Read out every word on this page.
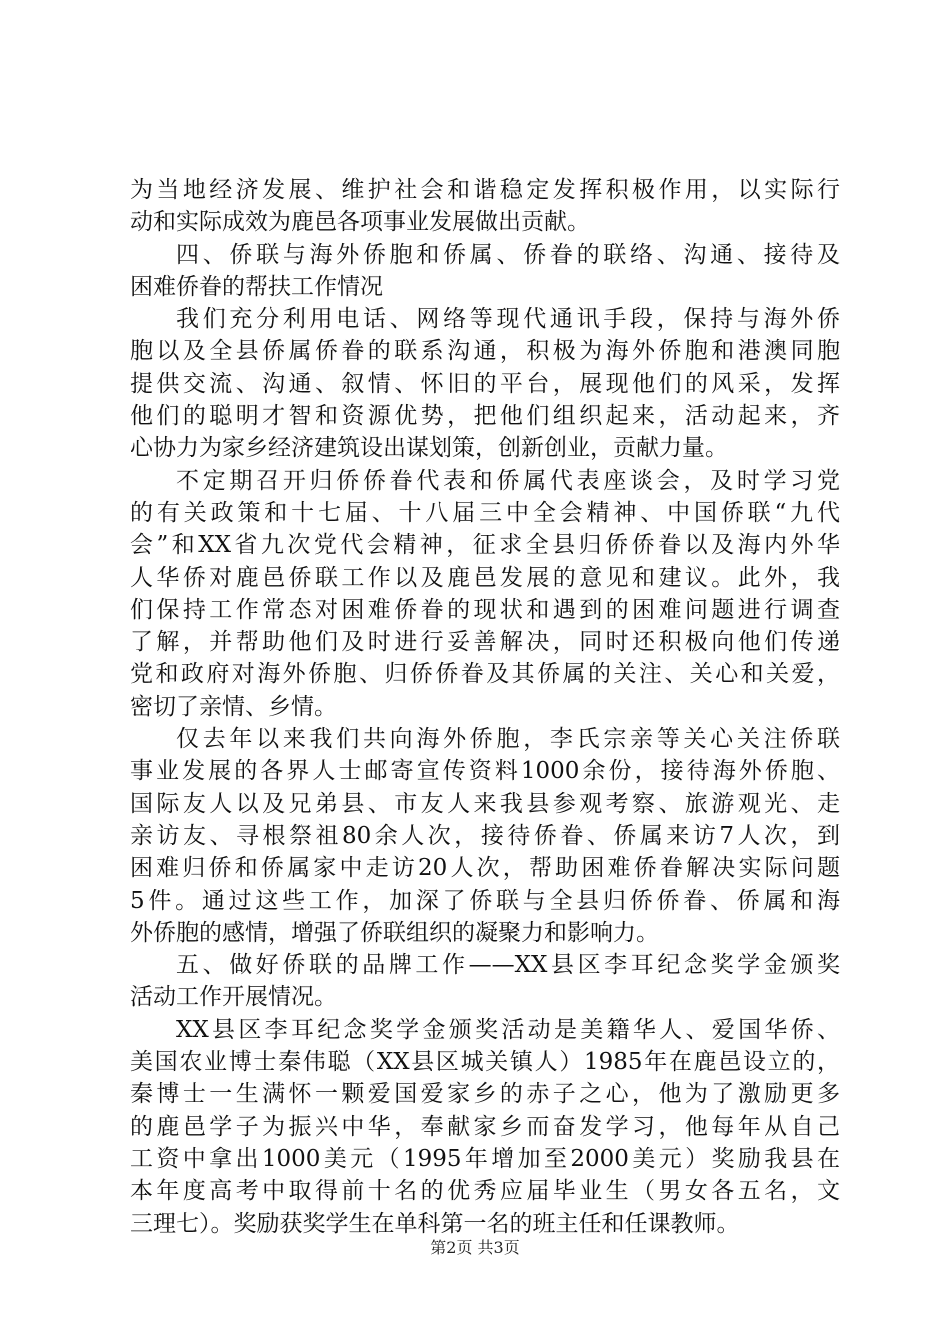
为当地经济发展、维护社会和谐稳定发挥积极作用，以实际行
动和实际成效为鹿邑各项事业发展做出贡献。
四、侨联与海外侨胞和侨属、侨眷的联络、沟通、接待及
困难侨眷的帮扶工作情况
我们充分利用电话、网络等现代通讯手段，保持与海外侨
胞以及全县侨属侨眷的联系沟通，积极为海外侨胞和港澳同胞
提供交流、沟通、叙情、怀旧的平台，展现他们的风采，发挥
他们的聪明才智和资源优势，把他们组织起来，活动起来，齐
心协力为家乡经济建筑设出谋划策，创新创业，贡献力量。
不定期召开归侨侨眷代表和侨属代表座谈会，及时学习党
的有关政策和十七届、十八届三中全会精神、中国侨联“九代
会”和XX省九次党代会精神，征求全县归侨侨眷以及海内外华
人华侨对鹿邑侨联工作以及鹿邑发展的意见和建议。此外，我
们保持工作常态对困难侨眷的现状和遇到的困难问题进行调查
了解，并帮助他们及时进行妥善解决，同时还积极向他们传递
党和政府对海外侨胞、归侨侨眷及其侨属的关注、关心和关爱，
密切了亲情、乡情。
仅去年以来我们共向海外侨胞，李氏宗亲等关心关注侨联
事业发展的各界人士邮寄宣传资料1000余份，接待海外侨胞、
国际友人以及兄弟县、市友人来我县参观考察、旅游观光、走
亲访友、寻根祭祖80余人次，接待侨眷、侨属来访7人次，到
困难归侨和侨属家中走访20人次，帮助困难侨眷解决实际问题
5件。通过这些工作，加深了侨联与全县归侨侨眷、侨属和海
外侨胞的感情，增强了侨联组织的凝聚力和影响力。
五、做好侨联的品牌工作——XX县区李耳纪念奖学金颁奖
活动工作开展情况。
XX县区李耳纪念奖学金颁奖活动是美籍华人、爱国华侨、
美国农业博士秦伟聪（XX县区城关镇人）1985年在鹿邑设立的，
秦博士一生满怀一颗爱国爱家乡的赤子之心，他为了激励更多
的鹿邑学子为振兴中华，奉献家乡而奋发学习，他每年从自己
工资中拿出1000美元（1995年增加至2000美元）奖励我县在
本年度高考中取得前十名的优秀应届毕业生（男女各五名，文
三理七）。奖励获奖学生在单科第一名的班主任和任课教师。
第2页 共3页
